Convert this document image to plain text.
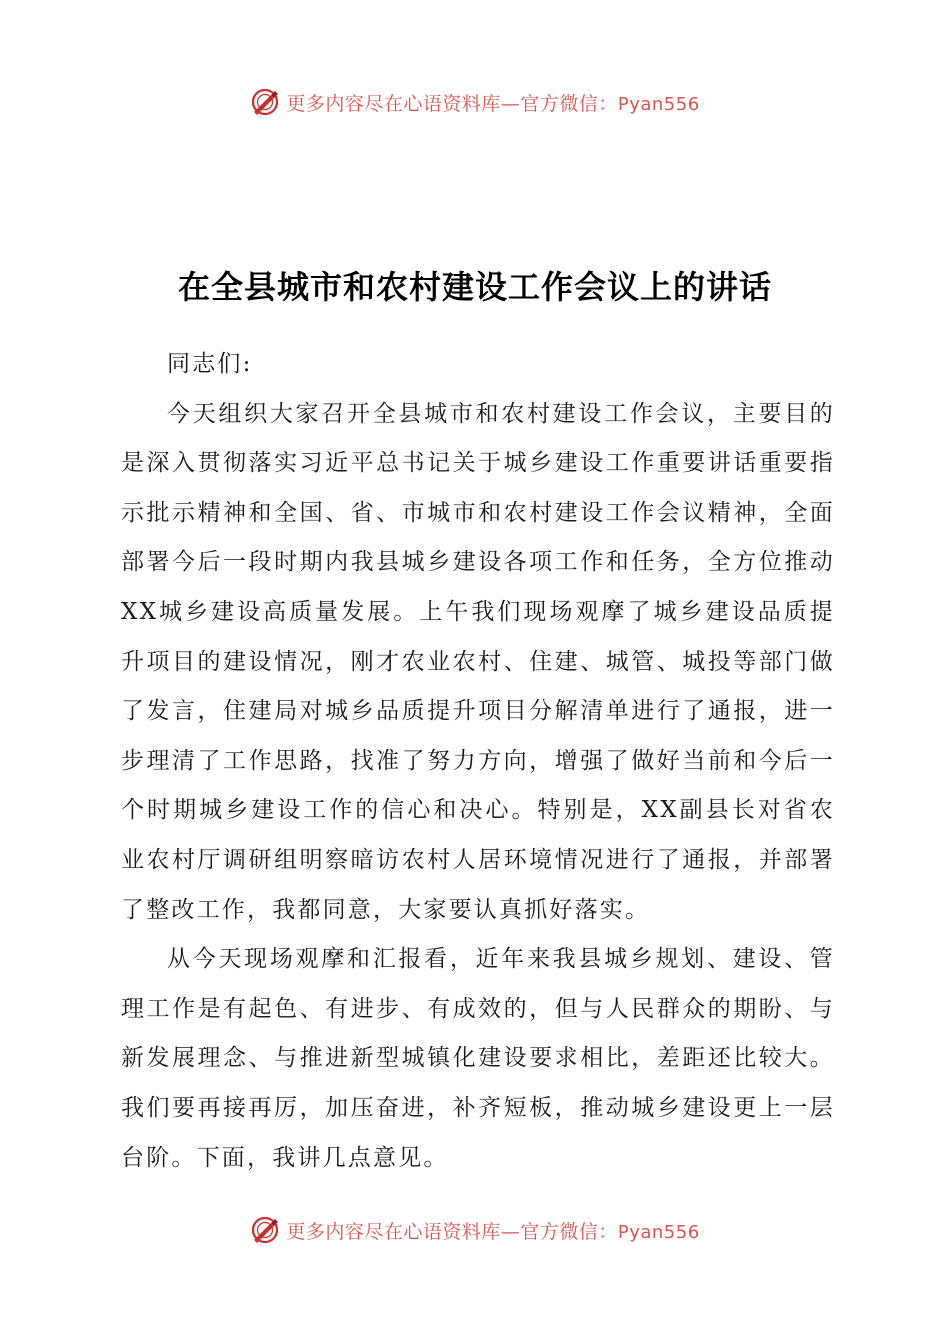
更多内容尽在心语资料库—官方微信：Pyan556
在全县城市和农村建设工作会议上的讲话

同志们:

今天组织大家召开全县城市和农村建设工作会议，主要目的是深入贯彻落实习近平总书记关于城乡建设工作重要讲话重要指示批示精神和全国、省、市城市和农村建设工作会议精神，全面部署今后一段时期内我县城乡建设各项工作和任务，全方位推动XX城乡建设高质量发展。上午我们现场观摩了城乡建设品质提升项目的建设情况，刚才农业农村、住建、城管、城投等部门做了发言，住建局对城乡品质提升项目分解清单进行了通报，进一步理清了工作思路，找准了努力方向，增强了做好当前和今后一个时期城乡建设工作的信心和决心。特别是，XX副县长对省农业农村厅调研组明察暗访农村人居环境情况进行了通报，并部署了整改工作，我都同意，大家要认真抓好落实。

从今天现场观摩和汇报看，近年来我县城乡规划、建设、管理工作是有起色、有进步、有成效的，但与人民群众的期盼、与新发展理念、与推进新型城镇化建设要求相比，差距还比较大。我们要再接再厉，加压奋进，补齐短板，推动城乡建设更上一层台阶。下面，我讲几点意见。

更多内容尽在心语资料库—官方微信：Pyan556
